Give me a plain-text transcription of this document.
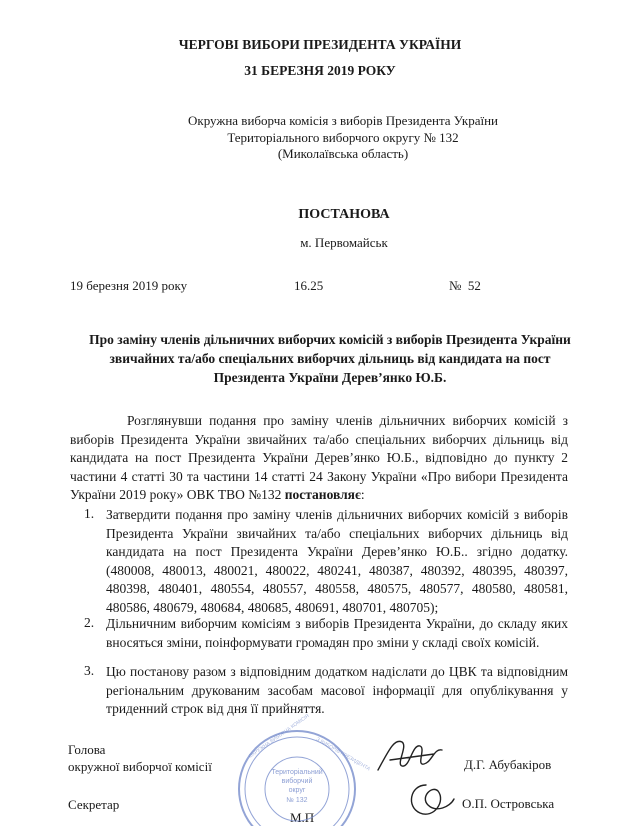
ЧЕРГОВІ ВИБОРИ ПРЕЗИДЕНТА УКРАЇНИ
31 БЕРЕЗНЯ 2019 РОКУ
Окружна виборча комісія з виборів Президента України
Територіального виборчого округу № 132
(Миколаївська область)
ПОСТАНОВА
м. Первомайськ
19 березня 2019 року	16.25	№ 52
Про заміну членів дільничних виборчих комісій з виборів Президента України
звичайних та/або спеціальних виборчих дільниць від кандидата на пост
Президента України Дерев’янко Ю.Б.
Розглянувши подання про заміну членів дільничних виборчих комісій з виборів Президента України звичайних та/або спеціальних виборчих дільниць від кандидата на пост Президента України Дерев’янко Ю.Б., відповідно до пункту 2 частини 4 статті 30 та частини 14 статті 24 Закону України «Про вибори Президента України 2019 року» ОВК ТВО №132 постановляє:
1. Затвердити подання про заміну членів дільничних виборчих комісій з виборів Президента України звичайних та/або спеціальних виборчих дільниць від кандидата на пост Президента України Дерев’янко Ю.Б.. згідно додатку. (480008, 480013, 480021, 480022, 480241, 480387, 480392, 480395, 480397, 480398, 480401, 480554, 480557, 480558, 480575, 480577, 480580, 480581, 480586, 480679, 480684, 480685, 480691, 480701, 480705);
2. Дільничним виборчим комісіям з виборів Президента України, до складу яких вносяться зміни, поінформувати громадян про зміни у складі своїх комісій.
3. Цю постанову разом з відповідним додатком надіслати до ЦВК та відповідним регіональним друкованим засобам масової інформації для опублікування у триденний строк від дня її прийняття.
Голова
окружної виборчої комісії	Д.Г. Абубакіров
Секретар	О.П. Островська
М.П
ОКРУЖНА ВИБОРЧА КОМІСІЯ З ВИБОРІВ ПРЕЗИДЕНТА
Територіальний
виборчий
округ
№ 132
